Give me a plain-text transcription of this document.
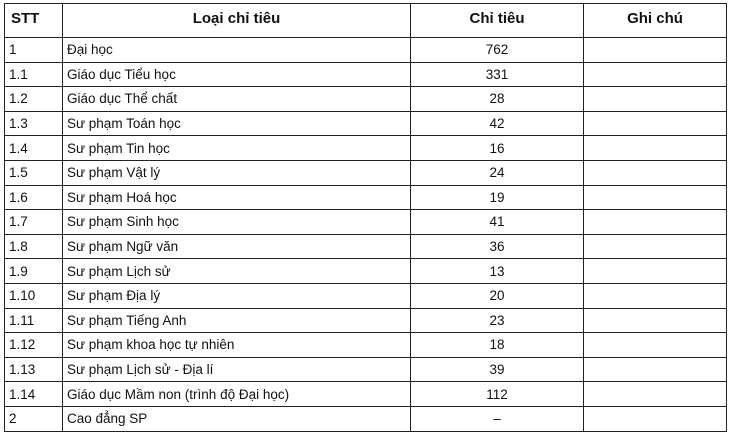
STT	Loại chỉ tiêu	Chỉ tiêu	Ghi chú
1	Đại học	762	
1.1	Giáo dục Tiểu học	331	
1.2	Giáo dục Thể chất	28	
1.3	Sư phạm Toán học	42	
1.4	Sư phạm Tin học	16	
1.5	Sư phạm Vật lý	24	
1.6	Sư phạm Hoá học	19	
1.7	Sư phạm Sinh học	41	
1.8	Sư phạm Ngữ văn	36	
1.9	Sư phạm Lịch sử	13	
1.10	Sư phạm Địa lý	20	
1.11	Sư phạm Tiếng Anh	23	
1.12	Sư phạm khoa học tự nhiên	18	
1.13	Sư phạm Lịch sử - Địa lí	39	
1.14	Giáo dục Mầm non (trình độ Đại học)	112	
2	Cao đẳng SP	–	
